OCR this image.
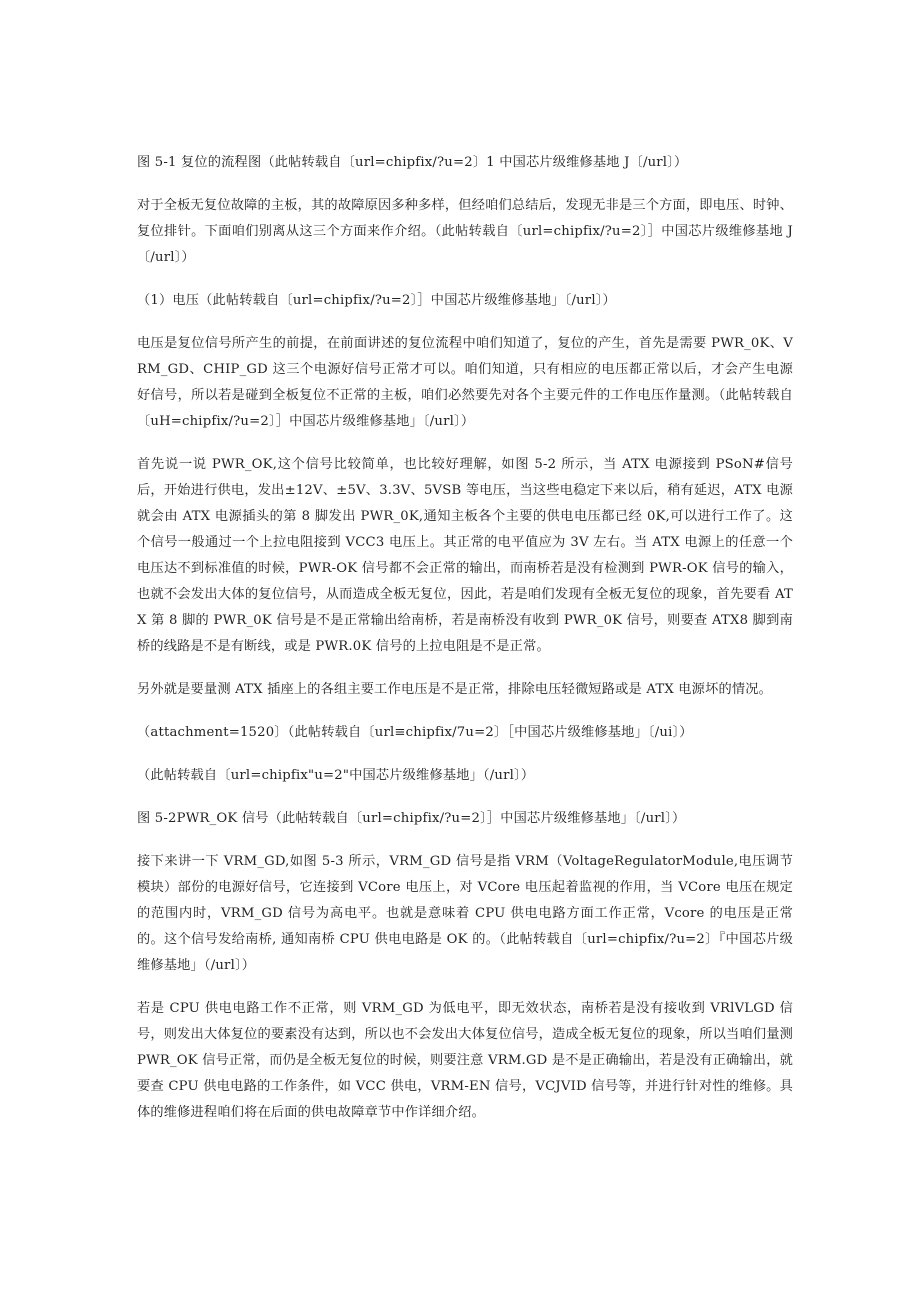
图 5-1 复位的流程图（此帖转载自〔url=chipfix/?u=2〕1 中国芯片级维修基地 J〔/url〕）

对于全板无复位故障的主板，其的故障原因多种多样，但经咱们总结后，发现无非是三个方面，即电压、时钟、复位排针。下面咱们别离从这三个方面来作介绍。（此帖转载自〔url=chipfix/?u=2〕］中国芯片级维修基地 J〔/url〕）

（1）电压（此帖转载自〔url=chipfix/?u=2〕］中国芯片级维修基地」〔/url〕）

电压是复位信号所产生的前提，在前面讲述的复位流程中咱们知道了，复位的产生，首先是需要 PWR_0K、VRM_GD、CHIP_GD 这三个电源好信号正常才可以。咱们知道，只有相应的电压都正常以后，才会产生电源好信号，所以若是碰到全板复位不正常的主板，咱们必然要先对各个主要元件的工作电压作量测。（此帖转载自〔uH=chipfix/?u=2〕］中国芯片级维修基地」〔/url〕）

首先说一说 PWR_OK,这个信号比较简单，也比较好理解，如图 5-2 所示，当 ATX 电源接到 PSoN#信号后，开始进行供电，发出±12V、±5V、3.3V、5VSB 等电压，当这些电稳定下来以后，稍有延迟，ATX 电源就会由 ATX 电源插头的第 8 脚发出 PWR_0K,通知主板各个主要的供电电压都已经 0K,可以进行工作了。这个信号一般通过一个上拉电阻接到 VCC3 电压上。其正常的电平值应为 3V 左右。当 ATX 电源上的任意一个电压达不到标准值的时候，PWR-OK 信号都不会正常的输出，而南桥若是没有检测到 PWR-OK 信号的输入，也就不会发出大体的复位信号，从而造成全板无复位，因此，若是咱们发现有全板无复位的现象，首先要看 ATX 第 8 脚的 PWR_0K 信号是不是正常输出给南桥，若是南桥没有收到 PWR_0K 信号，则要查 ATX8 脚到南桥的线路是不是有断线，或是 PWR.0K 信号的上拉电阻是不是正常。

另外就是要量测 ATX 插座上的各组主要工作电压是不是正常，排除电压轻微短路或是 ATX 电源坏的情况。

（attachment=1520〕（此帖转载自〔url≡chipfix∕7u=2〕［中国芯片级维修基地」〔/ui〕）

（此帖转载自〔url=chipfix"u=2"中国芯片级维修基地」（/url〕）

图 5-2PWR_OK 信号（此帖转载自〔url=chipfix/?u=2〕］中国芯片级维修基地」〔/url〕）

接下来讲一下 VRM_GD,如图 5-3 所示，VRM_GD 信号是指 VRM（VoltageRegulatorModule,电压调节模块）部份的电源好信号，它连接到 VCore 电压上，对 VCore 电压起着监视的作用，当 VCore 电压在规定的范围内时，VRM_GD 信号为高电平。也就是意味着 CPU 供电电路方面工作正常，Vcore 的电压是正常的。这个信号发给南桥, 通知南桥 CPU 供电电路是 OK 的。（此帖转载自〔url=chipfix/?u=2〕『中国芯片级维修基地」（/url〕）

若是 CPU 供电电路工作不正常，则 VRM_GD 为低电平，即无效状态，南桥若是没有接收到 VRlVLGD 信号，则发出大体复位的要素没有达到，所以也不会发出大体复位信号，造成全板无复位的现象，所以当咱们量测 PWR_OK 信号正常，而仍是全板无复位的时候，则要注意 VRM.GD 是不是正确输出，若是没有正确输出，就要查 CPU 供电电路的工作条件，如 VCC 供电，VRM-EN 信号，VCJVID 信号等，并进行针对性的维修。具体的维修进程咱们将在后面的供电故障章节中作详细介绍。
